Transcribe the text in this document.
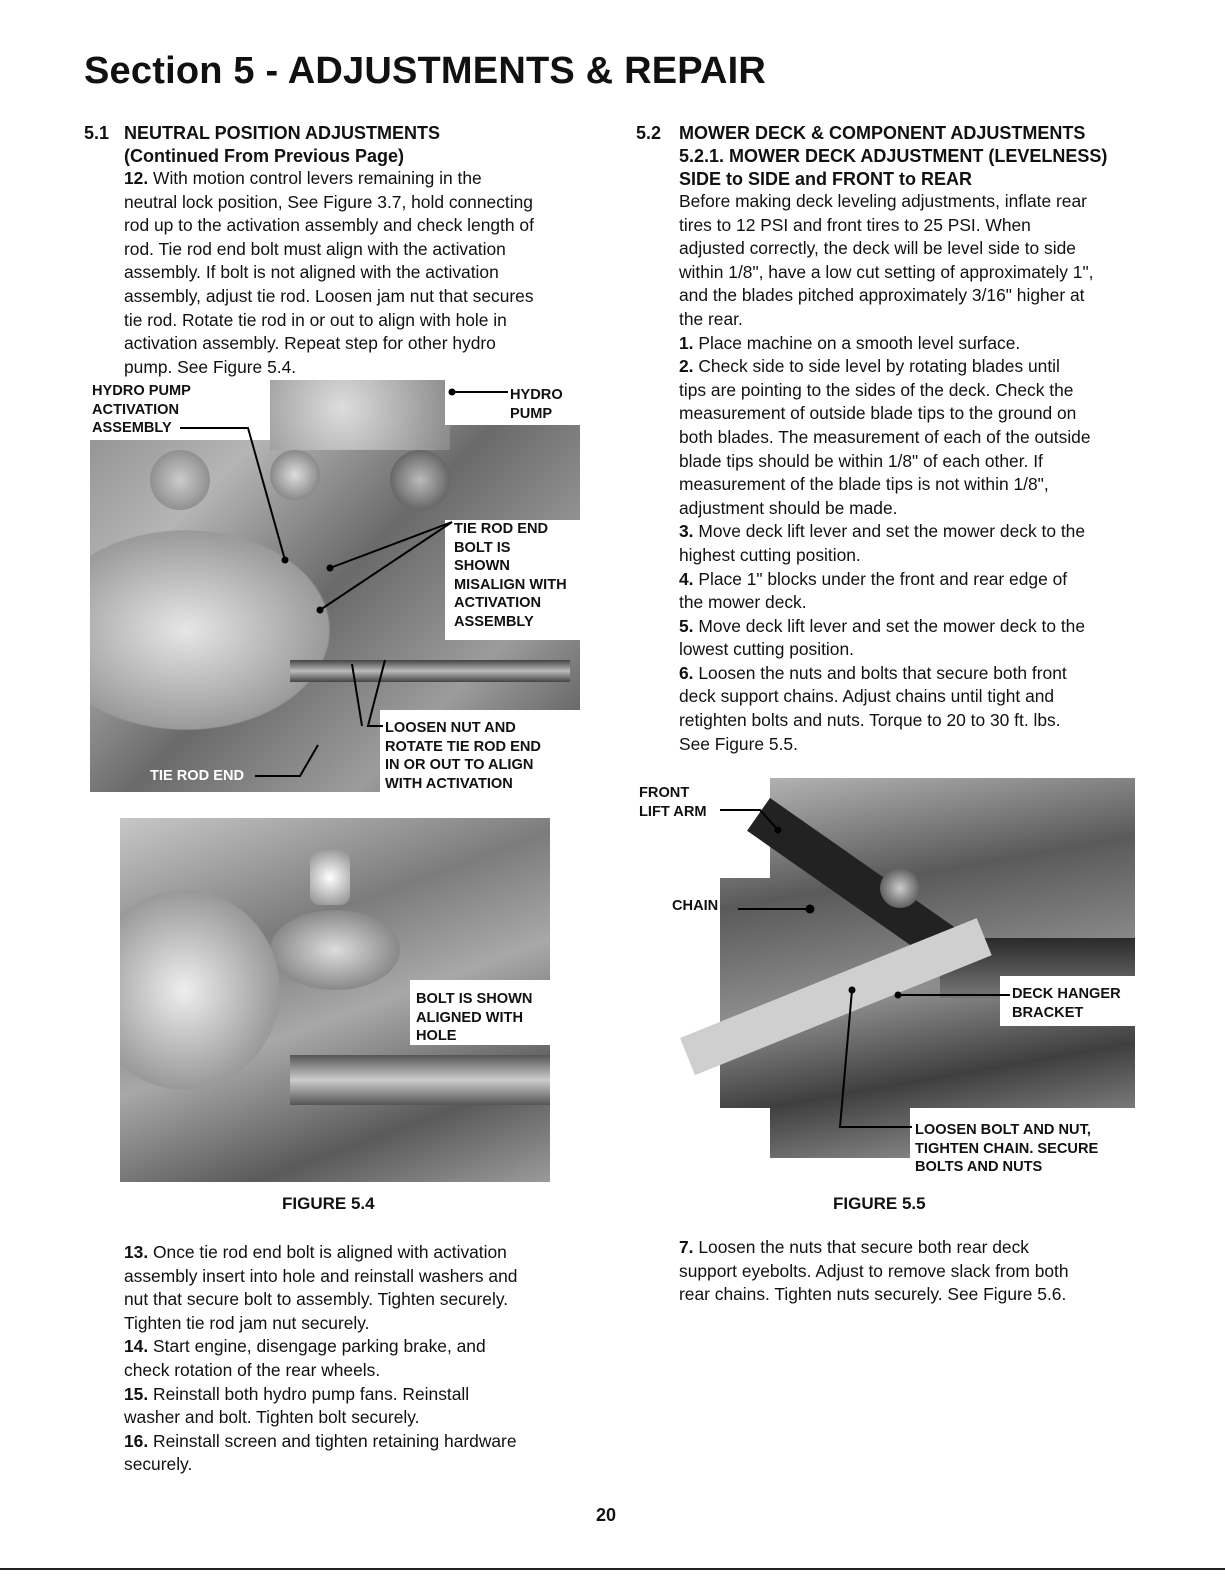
Section 5 - ADJUSTMENTS & REPAIR
5.1 NEUTRAL POSITION ADJUSTMENTS
(Continued From Previous Page)
12. With motion control levers remaining in the
neutral lock position, See Figure 3.7, hold connecting
rod up to the activation assembly and check length of
rod. Tie rod end bolt must align with the activation
assembly. If bolt is not aligned with the activation
assembly, adjust tie rod. Loosen jam nut that secures
tie rod. Rotate tie rod in or out to align with hole in
activation assembly. Repeat step for other hydro
pump. See Figure 5.4.
HYDRO PUMP
ACTIVATION
ASSEMBLY
HYDRO
PUMP
TIE ROD END
BOLT IS
SHOWN
MISALIGN WITH
ACTIVATION
ASSEMBLY
LOOSEN NUT AND
ROTATE TIE ROD END
IN OR OUT TO ALIGN
WITH ACTIVATION
TIE ROD END
BOLT IS SHOWN
ALIGNED WITH
HOLE
FIGURE 5.4
13. Once tie rod end bolt is aligned with activation
assembly insert into hole and reinstall washers and
nut that secure bolt to assembly. Tighten securely.
Tighten tie rod jam nut securely.
14. Start engine, disengage parking brake, and
check rotation of the rear wheels.
15. Reinstall both hydro pump fans. Reinstall
washer and bolt. Tighten bolt securely.
16. Reinstall screen and tighten retaining hardware
securely.
5.2 MOWER DECK & COMPONENT ADJUSTMENTS
5.2.1. MOWER DECK ADJUSTMENT (LEVELNESS)
SIDE to SIDE and FRONT to REAR
Before making deck leveling adjustments, inflate rear
tires to 12 PSI and front tires to 25 PSI. When
adjusted correctly, the deck will be level side to side
within 1/8", have a low cut setting of approximately 1",
and the blades pitched approximately 3/16" higher at
the rear.
1. Place machine on a smooth level surface.
2. Check side to side level by rotating blades until
tips are pointing to the sides of the deck. Check the
measurement of outside blade tips to the ground on
both blades. The measurement of each of the outside
blade tips should be within 1/8" of each other. If
measurement of the blade tips is not within 1/8",
adjustment should be made.
3. Move deck lift lever and set the mower deck to the
highest cutting position.
4. Place 1" blocks under the front and rear edge of
the mower deck.
5. Move deck lift lever and set the mower deck to the
lowest cutting position.
6. Loosen the nuts and bolts that secure both front
deck support chains. Adjust chains until tight and
retighten bolts and nuts. Torque to 20 to 30 ft. lbs.
See Figure 5.5.
FRONT
LIFT ARM
CHAIN
DECK HANGER
BRACKET
LOOSEN BOLT AND NUT,
TIGHTEN CHAIN. SECURE
BOLTS AND NUTS
FIGURE 5.5
7. Loosen the nuts that secure both rear deck
support eyebolts. Adjust to remove slack from both
rear chains. Tighten nuts securely. See Figure 5.6.
20
